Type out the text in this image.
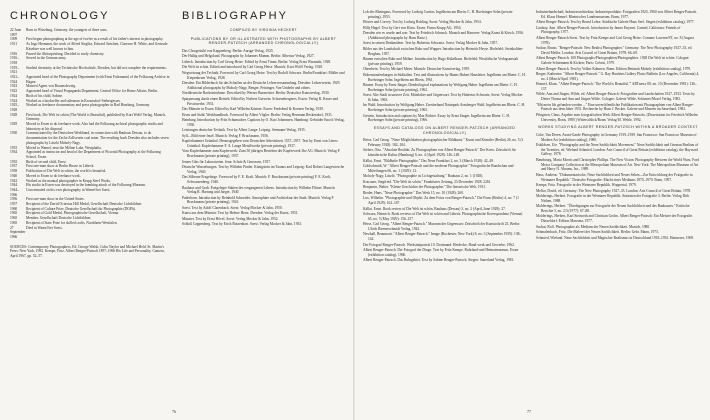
CHRONOLOGY
22 June 1897
Born in Würzburg, Germany, the youngest of three sons.
1909	First began photographing at the age of twelve as a result of his father's interest in photography.
1911	As Ingo Hermann, the work of Alfred Steglitz, Edward Steichen, Clarence H. White, and Gertrude Käsebier was well known to him.
1916	Passed the Abiturprüfung. Decided to study chemistry.
1916–1918
Served in the German army.
1919–1921
Studied chemistry at the Technische Hochschule, Dresden, but did not complete the requirements.
1921–1924
Appointed head of the Photography Department (with Ernst Fuhrmann) of the Folkwang Archive in Hagen.
1923	Married Agnes von Braunschweig.
1923	Appointed head of Visual Propaganda Department, Central Office for Home Affairs, Berlin.
1924	Birth of his child, Sabine.
1924	Worked as a bookseller and salesman in Krosnsdorf-Siebergesses.
1925–1928
Worked as freelance documentary and press photographer in Bad Harzburg, Germany.
1928	First book, Die Welt ist schön (The World is Beautiful), published by Kurt Wolff Verlag, Munich, Germany.
1929	Moved to Essen to do freelance work. Also had the Folkwang archival photographic studio and laboratory at his disposal.
1930	Commissioned by the Deutschen Werkbund, in connection with Bauhaus Dessau, to do documentation for the Zeche Zollverein coal mine. The resulting book Dresden also includes seven photographs by László Moholy-Nagy.
1933	Moved to Wamel, near the Möhne Lake, Westphalia.
1934	Appointed as instructor and head of the Department of Pictorial Photography at the Folkwang School, Essen.
1935	Birth of second child, Ernst.
1937	First one-man show at Berlin House in Lübeck.
1938	Publication of Die Welt in schön; the world is beautiful.
1940	Moved to Essen to do freelance work.
1942	Worked as the manual photographer in Krupp Steel Works.
1944	His studio in Essen was destroyed in the bombing attack of the Folkwang Museum.
1944–1966
Concentrated on his own photography in Wamel bei Soest.
1956	First one-man show in the United States.
1957	Recipient of the David Octavius Hill Medal, Gesellschaft Deutsche Lichtbildner.
1960	Recipient of Culture Prize, Deutsche Gesellschaft für Photographie (DGPh).
1965	Recipient of Gold Medal, Photographische Gesellschaft, Vienna.
1965	Member, Gesellschaft Deutsche Lichtbildner.
1965	Recipient of State Prize for skilled crafts, Nordrhein-Westfalen.
27 September 1966
Died in Wamel bei Soest.

SOURCES: Contemporary Photographers, Ed. George Walsh, Colin Naylor and Michael Held. St. Martin's Press: New York, 1982. Kempe, Fritz. Albert Renger-Patzsch 1897–1966 His Life and Personality. Camera, April 1967, pp. 52–57.

BIBLIOGRAPHY
COMPILED BY VIRGINIA HECKERT
PUBLICATIONS BY OR ILLUSTRATED WITH PHOTOGRAPHS BY ALBERT RENGER-PATZSCH (ARRANGED CHRONOLOGICALLY)

Das Chorgestühl von Kappenberg. Berlin: Auriga-Verlag, 1925.

Der Hallig und Helgoland. Photographs by Johannes Mumm. Berlin: Albertus-Verlag, 1927.

Lübeck. Introduction by Carl Georg Heise. Edited by Ernst Timm. Berlin: Verlag Ernst Wasmuth, 1928.

Die Welt ist schön. Edited and introduced by Carl Georg Heise. Munich: Kurt Wolff Verlag, 1928.

Wegweisung der Technik. Foreword by Carl Georg Heise. Text by Rudolf Schwarz. Berlin/Frankfurt: Müller und Kiepenheuer Verlag, 1928.

Dresden: Ein Bilderbuch für das Schaffen an der Deutsche Lehrerversammlung. Dresden: Lehrerverein, 1929. Additional photographs by Moholy-Nagy, Renger, Feininger, Von Umbehr and others.

Norddeutsche Backsteindome. Described by Werner Burmeister. Berlin: Deutscher Kunstverlag, 1930.

Sparpassung durch einen Betrieb. Edited by Norbert Gutwein. Schoenebergeres. Essen: Verlag R. Keuer und Privatwerbe, 1931.

Das Münster in Essen. Edited by Karl Wilhelm Kästner. Essen: Fredebeul & Koenen Verlag, 1929.

Eisen und Stahl. Werkbundbuch. Foreword by Albert Vögler. Berlin: Verlag Hermann Reckendorf, 1931.

Hamburg. Introduction by Fritz Schumacher. Captions by O. Kurt Johannsen. Hamburg: Gebrüder Enoch Verlag, 1930.

Leistungen deutscher Technik. Text by Albert Lange. Leipzig: Seemann-Verlag, 1935.

Syll—Bild einer Insel. Munich: Verlag F. Bruckmann, 1936.

Kupferhammer Grünthal. Herausgegeben vom Deutschen Arbeitskreis 1537–1937. Text by Ernst von Lieres. Grünthal: Kupferhammer F. A. Lange Metallwerke (private printing), 1937.

Vom Kupferhammer zum Kupferwerk: Zum 50 jährigen Bestehen der Kupferwerk Ilse AG. Munich: Verlag F. Bruckmann (private printing), 1937.

Jenaer Glas für Laboratorien. Jena: Schott & Genossen, 1937.

Deutsche Wasserburgen. Text by Wilhelm Pinder. Königstein im Taunus and Leipzig: Karl Robert Langewiesche Verlag, 1940.

Das Silberne Erzgebirge. Foreword by F. E. Kraft. Munich: F. Bruckmann (private printing) F. E. Kraft, Schwarzenberg, 1940.

Bauhaus und Grab: Freigelegte Stätten des vergangenen Lebens. Introduction by Wilhelm Flitner. Munich: Verlag R. Hartung und Jaeger, 1940.

Paderborn. Introduction by Reinhold Schneider. Atmosphäre und Architektur der Stadt. Munich: Verlag F. Bruckmann (private printing), 1941.

Soest. Text by Adolf Clarenbach. Soest: Verlag Mocker & Jahn, 1950.

Kunst aus dem Münster. Text by Helene Hertz. Dresden: Verlag der Kunst, 1951.

Münster. Text by Ernst Hövel. Soest: Verlag Mocker & Jahn, 1952.

Schloß Cappenberg. Text by Erich Botzenhart. Soest: Verlag Mocker & Jahn, 1953.

76

Lob des Rheingaus. Foreword by Ludwig Curtius. Ingelheim am Rhein: C. H. Boehringer Sohn (private printing), 1953.

Höxter und Corvey. Text by Ludwig Rohling. Soest: Verlag Mocker & Jahn, 1954.

Hilly Hagel. Text by Gert von Klass. Essen: Firma Krupp AG, 1954.

Dresden wie es wurde und war. Text by Friedrich Schnack. Munich and Hanover: Verlag Kunst & Kitsch, 1956. (Additional photographs by Hans Hartz.)

Soest in seinen Denkmälern. Text by Hubertus Schwartz. Soest: Verlag Mocker & Jahn, 1957.

Bilder aus der Landschaft zwischen Ruhr und Wupper. Introduction by Heinrich Heyse. Bielefeld: Steinkohlen-Bergbau, 1957.

Bäume zwischen Ruhr und Möhne. Introduction by Hugo Kükelhaus. Bielefeld: Westfälische Verlagsanstalt (private printing), 1959.

Oberrhein. Text by Michael Meier. Munich: Deutscher Kunstverlag, 1959.

Hohenstaufenburgen in Süditalien. Text and illustrations by Hanns Hubert Hausleiter. Ingelheim am Rhein: C. H. Boehringer Sohn. Ingelheim am Rhein, 1961.

Bäume. Essay by Ernst Jünger. Dendrological explanations by Wolfgang Haber. Ingelheim am Rhein: C. H. Boehringer Sohn (private printing), 1962.

Soest: Alte Stadt in unserer Zeit. Mittelalter und Gegenwart. Text by Hubertus Schwartz. Soest: Verlag Mocker & Jahn, 1963.

Im Wald. Introduction by Wolfgang Haber. Zweiterhand Naturpark Arnsberger Wald. Ingelheim am Rhein: C. H. Boehringer Sohn (private printing), 1965.

Gestein. Introduction and captions by Max Richter. Essay by Ernst Jünger. Ingelheim am Rhein: C. H. Boehringer Sohn (private printing), 1966.

ESSAYS AND CATALOGS ON ALBERT RENGER-PATZSCH (ARRANGED CHRONOLOGICALLY)

Heise, Carl Georg. "Neue Möglichkeiten photographischer Bildkunst." Kunst und Künstler (Berlin) 26, no. 5 (1 February 1928): 182–184.

Stelzer, Otto. "Absolute Realität. Zu Photographien von Albert Renger-Patzsch." Der Kreis: Zeitschrift für künstlerische Kultur (Hamburg) 6, no. 4 (April 1928): 146–148.

Kállai, Ernst. "Bildhafte Photographie." Das Neue Frankfurt 2, no. 3 (March 1928): 42–49.

Goldschmidt, W. "Albert Renger-Patzsch und die moderne Photographie." Fotografische Rundschau und Mitteilungen 66, no. 1 (1929): 12.

Moholy-Nagy, László. "Photographie ist Lichtgestaltung." Bauhaus 2, no. 1 (1928).

Kracauer, Siegfried. "Die Welt ist schön." Frankfurter Zeitung, 23 December 1928: 2261.

Benjamin, Walter. "Kleine Geschichte der Photographie." Die literarische Welt, 1931.

Rieder, Hans. "Neue Photographie." Das Werk 15, no. 10 (1928): 260.

Lux, Wilhelm. "Photographie und Objekt: Zu dem Fotos von Renger-Patzsch." Die Form (Berlin) 4, no. 7 (1 April 1929): 162–167.

Kállai, Ernst. Book review of Die Welt ist schön. Bauhaus (Dessau) 3, no. 2 (April–June 1929): 27.

Schwarz, Heinrich. Book reviews of Die Welt ist schön and Lübeck. Photographische Korrespondenz (Vienna) 65, no. 5 (May 1929): 156–157.

Heise, Carl Georg. "Albert Renger-Patzsch." Museum der Gegenwart: Zeitschrift der Kunstschrift 23, Berlin: Ulrich Riemerschmidt Verlag, 1942.

Newhall, Beaumont. "Albert Renger-Patzsch." Image (Rochester, New York) 8, no. 3 (September 1959): 138–142.

Der Fotograf Renger-Patzsch. Werkstattporträt 10. Dortmund: Herdecke, Hand-werk und Gewerbe, 1962.

Albert Renger-Patzsch. Der Fotograf der Dinge. Text by Fritz Kempe. Ruhrland-und Heimatmuseum, Essen (exhibition catalog), 1966.

Albert Renger-Patzsch. Das Ruhrgebiet. Text by Sabine Renger-Patzsch. Siegen: Sauerland Verlag, 1981.

Industrielandschaft, Industriearchitektur, Industrieprodukte: Fotografien 1925–1960 von Albert Renger-Patzsch. Ed. Klaus Honnef. Rheinisches Landesmuseum, Bonn, 1977.

Albert Renger-Patzsch. Text by Bernd Lohse. Städtische Galerie Haus Seel, Siegen (exhibition catalog), 1977.

Lindsay, Ann. Albert Renger-Patzsch. Introduction by James Enyeart. Carmel, California: Friends of Photography, 1977.

Albert Renger-Patzsch Soest. Text by Fritz Kempe and Carl Georg Heise. Comune Lucerne/ST, no. 8 (August 1978).

Sackar, Bruno. "Renger-Patzsch: New Realist Photographer." Germany: The New Photography 1927–33, ed. David Mellor. London: Arts Council of Great Britain, 1978: 66–69.

Albert Renger-Patzsch: 100 Photographs/Photographien/Photographies. 1928 Die Welt ist schön. Cologne: Galerie Schürmann & Kicken; Paris: Créatis, 1979.

Albert Renger-Patzsch. Text by Volker Kahmen. Bonn: Edition Bettinah Moholy (exhibition catalog), 1979.

Berger, Katherine. "Albert Renger-Patzsch." G. Ray Hawkins Gallery Photo Bulletin (Los Angeles, California) 4, no. 2 (March/April 1981).

Honnef, Klaus. "Albert Renger-Patzsch: 'The World is Beautiful.'" ARTnews 80, no. 10 (December 1981): 136–137.

Wilde, Ann and Jürgen, Wilde, ed. Albert Renger-Patzsch: Fotografien und Landschaften 1927–1933. Texts by Dieter Thoma and Ann and Jürgen Wilde. Cologne: Galerie Wilde, Schirmer/Mosel Verlag, 1982.

"Mit mein Ich gefunden werden ..." Eine unveröffentlichte Publikation mit Photographien von Albert Renger-Patzsch aus dem Jahre 1931. Recherche by Hans J. Becker. Galerie und Museen im Sauerland, 1982.

Pfingsten, Claus. Aspekte zum fotografischen Werk Albert Renger-Patzschs. (Dissertation for Friedrich Wilhelm University, Bonn, 1989.) Witterschlick/Bonn: Verlag M. Wehle, 1992.

WORKS STUDYING ALBERT RENGER-PATZSCH WITHIN A BROADER CONTEXT

Coke, Van Deren. Avant-Garde Photography in Germany 1919–1939. San Francisco: San Francisco Museum of Modern Art (exhibition catalog), 1980.

Eskildsen, Ute. "Photography and the Neue Sachlichkeit Movement." Neue Sachlichkeit and German Realism of the Twenties, ed. Wieland Schmied. London: Arts Council of Great Britain (exhibition catalog), the Hayward Gallery, 1978.

Hambourg, Maria Morris and Christopher Phillips. The New Vision: Photography Between the World Wars, Ford Motor Company Collection at the Metropolitan Museum of Art. New York: The Metropolitan Museum of Art and Harry N. Abrams, Inc., 1989.

Haus, Andreas. "Dokumentarische, Neue Sachlichkeit und Neues Sehen—Zur Entwicklung der Fotografie in Weimarer Republik." Deutsche Fotografie: Macht eines Mediums 1870–1970. Bonn, 1997.

Kempe, Fritz. Fotografie in der Weimarer Republik. Wuppertal, 1979.

Mellor, David, ed. Germany: The New Photography 1927–33. London: Arts Council of Great Britain, 1978.

Molderings, Herbert. Fotografie in der Weimarer Republik. Stationen der Fotografie 3. Berlin: Verlag Dirk Nishen, 1988.

Molderings, Herbert. "Überlegungen zur Fotografie der Neuen Sachlichkeit und des Bauhauses." Kritische Berichte 5, no. 2/3 (1977): 67–88.

Molderings, Herbert, Karl Steinorth and Christian Grohn. Albert Renger-Patzsch: Ein Meister der Fotografie. Düsseldorf: Edition Marzona, 1977.

Sackar, Rolf. Photographie als Medium der Neuen Sachlichkeit. Munich, 1980.

Schmalenbach, Fritz. Die Malerei der Neuen Sachlichkeit. Berlin: Gebr. Mann, 1973.

Schmied, Wieland. Neue Sachlichkeit und Magischer Realismus in Deutschland 1918–1933. Hannover, 1969.

77
